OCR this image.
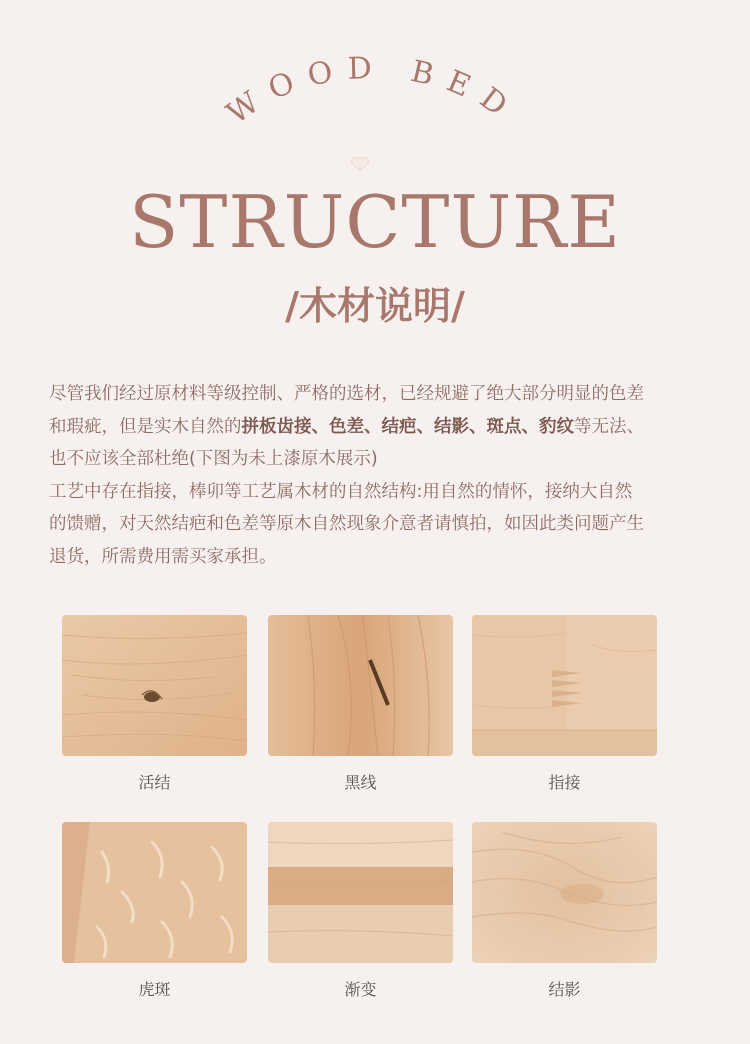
WOOD BED
STRUCTURE
/木材说明/

尽管我们经过原材料等级控制、严格的选材，已经规避了绝大部分明显的色差

和瑕疵，但是实木自然的拼板齿接、色差、结疤、结影、斑点、豹纹等无法、

也不应该全部杜绝(下图为未上漆原木展示)

工艺中存在指接，棒卯等工艺属木材的自然结构:用自然的情怀，接纳大自然

的馈赠，对天然结疤和色差等原木自然现象介意者请慎拍，如因此类问题产生

退货，所需费用需买家承担。

活结	黑线	指接
虎斑	渐变	结影
